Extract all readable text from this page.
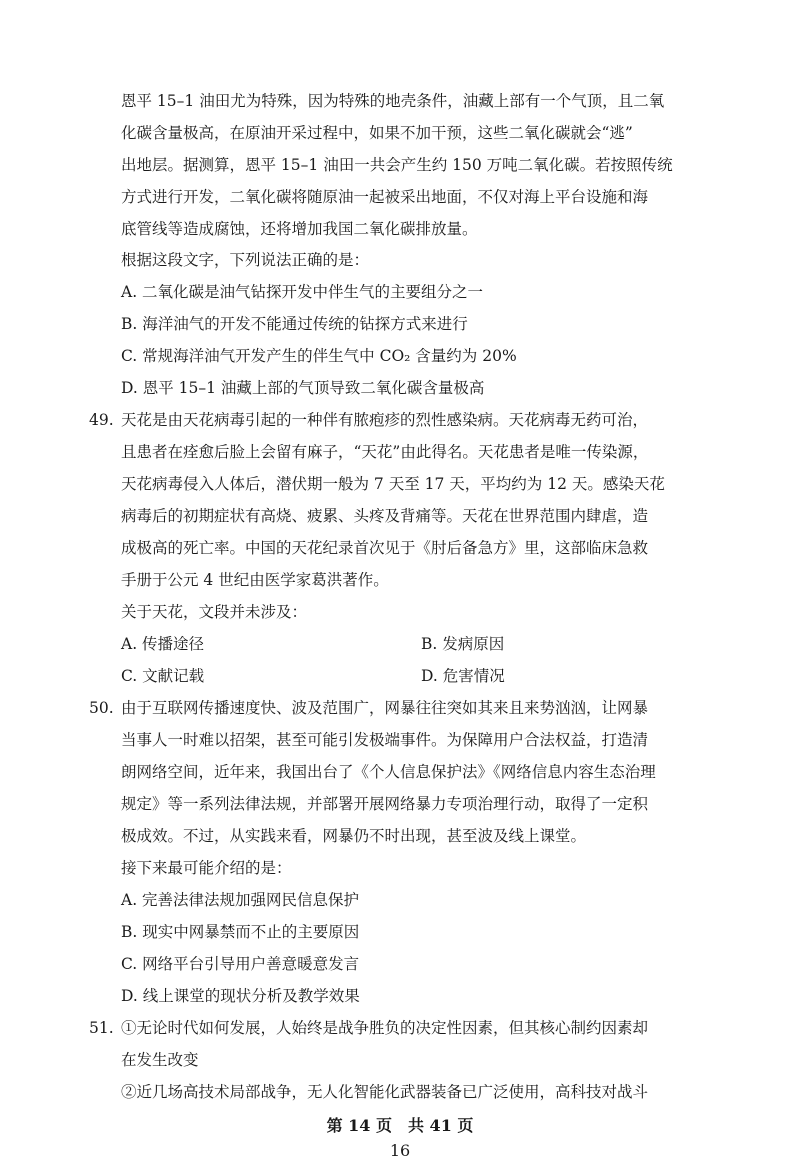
恩平 15–1 油田尤为特殊，因为特殊的地壳条件，油藏上部有一个气顶，且二氧
化碳含量极高，在原油开采过程中，如果不加干预，这些二氧化碳就会“逃”
出地层。据测算，恩平 15–1 油田一共会产生约 150 万吨二氧化碳。若按照传统
方式进行开发，二氧化碳将随原油一起被采出地面，不仅对海上平台设施和海
底管线等造成腐蚀，还将增加我国二氧化碳排放量。
根据这段文字，下列说法正确的是：
A. 二氧化碳是油气钻探开发中伴生气的主要组分之一
B. 海洋油气的开发不能通过传统的钻探方式来进行
C. 常规海洋油气开发产生的伴生气中 CO₂ 含量约为 20%
D. 恩平 15–1 油藏上部的气顶导致二氧化碳含量极高
49. 天花是由天花病毒引起的一种伴有脓疱疹的烈性感染病。天花病毒无药可治，
且患者在痊愈后脸上会留有麻子，“天花”由此得名。天花患者是唯一传染源，
天花病毒侵入人体后，潜伏期一般为 7 天至 17 天，平均约为 12 天。感染天花
病毒后的初期症状有高烧、疲累、头疼及背痛等。天花在世界范围内肆虐，造
成极高的死亡率。中国的天花纪录首次见于《肘后备急方》里，这部临床急救
手册于公元 4 世纪由医学家葛洪著作。
关于天花，文段并未涉及：
A. 传播途径	B. 发病原因
C. 文献记载	D. 危害情况
50. 由于互联网传播速度快、波及范围广，网暴往往突如其来且来势汹汹，让网暴
当事人一时难以招架，甚至可能引发极端事件。为保障用户合法权益，打造清
朗网络空间，近年来，我国出台了《个人信息保护法》《网络信息内容生态治理
规定》等一系列法律法规，并部署开展网络暴力专项治理行动，取得了一定积
极成效。不过，从实践来看，网暴仍不时出现，甚至波及线上课堂。
接下来最可能介绍的是：
A. 完善法律法规加强网民信息保护
B. 现实中网暴禁而不止的主要原因
C. 网络平台引导用户善意暖意发言
D. 线上课堂的现状分析及教学效果
51. ①无论时代如何发展，人始终是战争胜负的决定性因素，但其核心制约因素却
在发生改变
②近几场高技术局部战争，无人化智能化武器装备已广泛使用，高科技对战斗
第 14 页　共 41 页
16
